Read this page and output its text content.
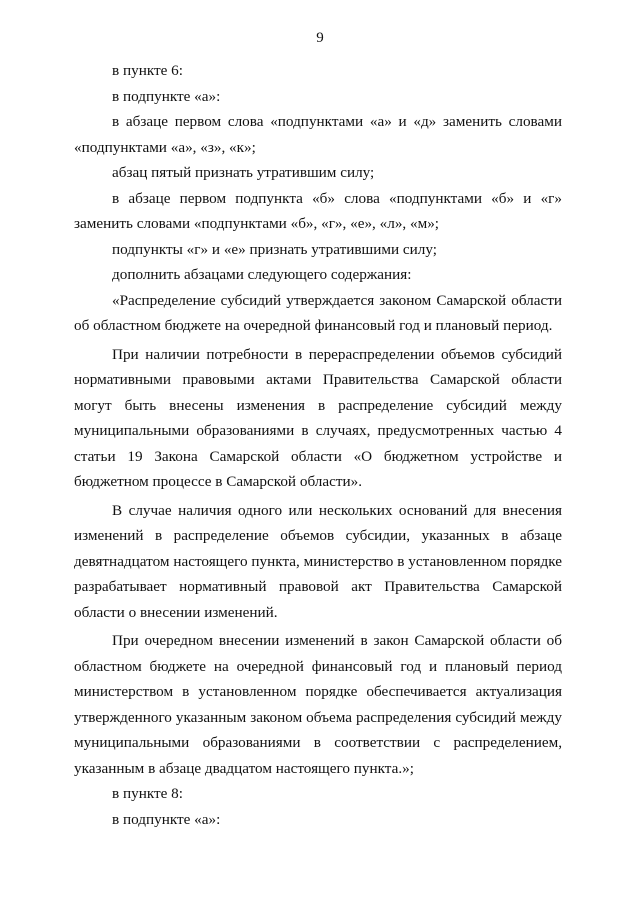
9

в пункте 6:

в подпункте «а»:

в абзаце первом слова «подпунктами «а» и «д» заменить словами «подпунктами «а», «з», «к»;

абзац пятый признать утратившим силу;

в абзаце первом подпункта «б» слова «подпунктами «б» и «г» заменить словами «подпунктами «б», «г», «е», «л», «м»;

подпункты «г» и «е» признать утратившими силу;

дополнить абзацами следующего содержания:

«Распределение субсидий утверждается законом Самарской области об областном бюджете на очередной финансовый год и плановый период.

При наличии потребности в перераспределении объемов субсидий нормативными правовыми актами Правительства Самарской области могут быть внесены изменения в распределение субсидий между муниципальными образованиями в случаях, предусмотренных частью 4 статьи 19 Закона Самарской области «О бюджетном устройстве и бюджетном процессе в Самарской области».

В случае наличия одного или нескольких оснований для внесения изменений в распределение объемов субсидии, указанных в абзаце девятнадцатом настоящего пункта, министерство в установленном порядке разрабатывает нормативный правовой акт Правительства Самарской области о внесении изменений.

При очередном внесении изменений в закон Самарской области об областном бюджете на очередной финансовый год и плановый период министерством в установленном порядке обеспечивается актуализация утвержденного указанным законом объема распределения субсидий между муниципальными образованиями в соответствии с распределением, указанным в абзаце двадцатом настоящего пункта.»;

в пункте 8:

в подпункте «а»:
